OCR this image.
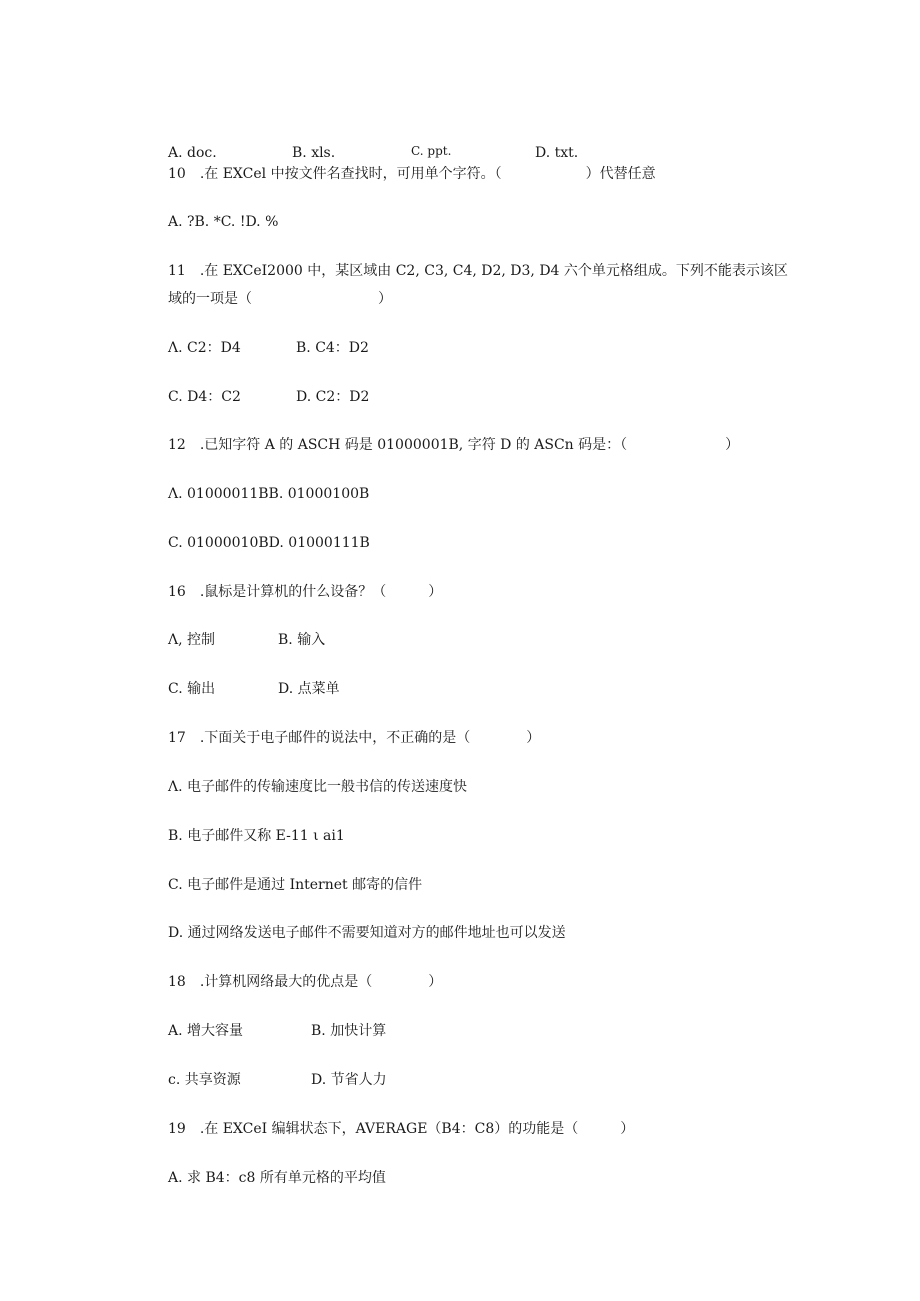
A. doc.	B. xls.	C. ppt.	D. txt.
10　.在 EXCel 中按文件名查找时，可用单个字符。（　　　　　　）代替任意
A. ?B. *C. !D. %
11　.在 EXCeI2000 中，某区域由 C2, C3, C4, D2, D3, D4 六个单元格组成。下列不能表示该区
域的一项是（　　　　　　　　　）
Λ. C2：D4	B. C4：D2
C. D4：C2	D. C2：D2
12　.已知字符 A 的 ASCH 码是 01000001B, 字符 D 的 ASCn 码是：（　　　　　　　）
Λ. 01000011BB. 01000100B
C. 01000010BD. 01000111B
16　.鼠标是计算机的什么设备？（　　　）
Λ, 控制	B. 输入
C. 输出	D. 点菜单
17　.下面关于电子邮件的说法中，不正确的是（　　　　）
Λ. 电子邮件的传输速度比一般书信的传送速度快
B. 电子邮件又称 E-11 ι ai1
C. 电子邮件是通过 Internet 邮寄的信件
D. 通过网络发送电子邮件不需要知道对方的邮件地址也可以发送
18　.计算机网络最大的优点是（　　　　）
A. 增大容量	B. 加快计算
c. 共享资源	D. 节省人力
19　.在 EXCeI 编辑状态下，AVERAGE（B4：C8）的功能是（　　　）
A. 求 B4：c8 所有单元格的平均值
